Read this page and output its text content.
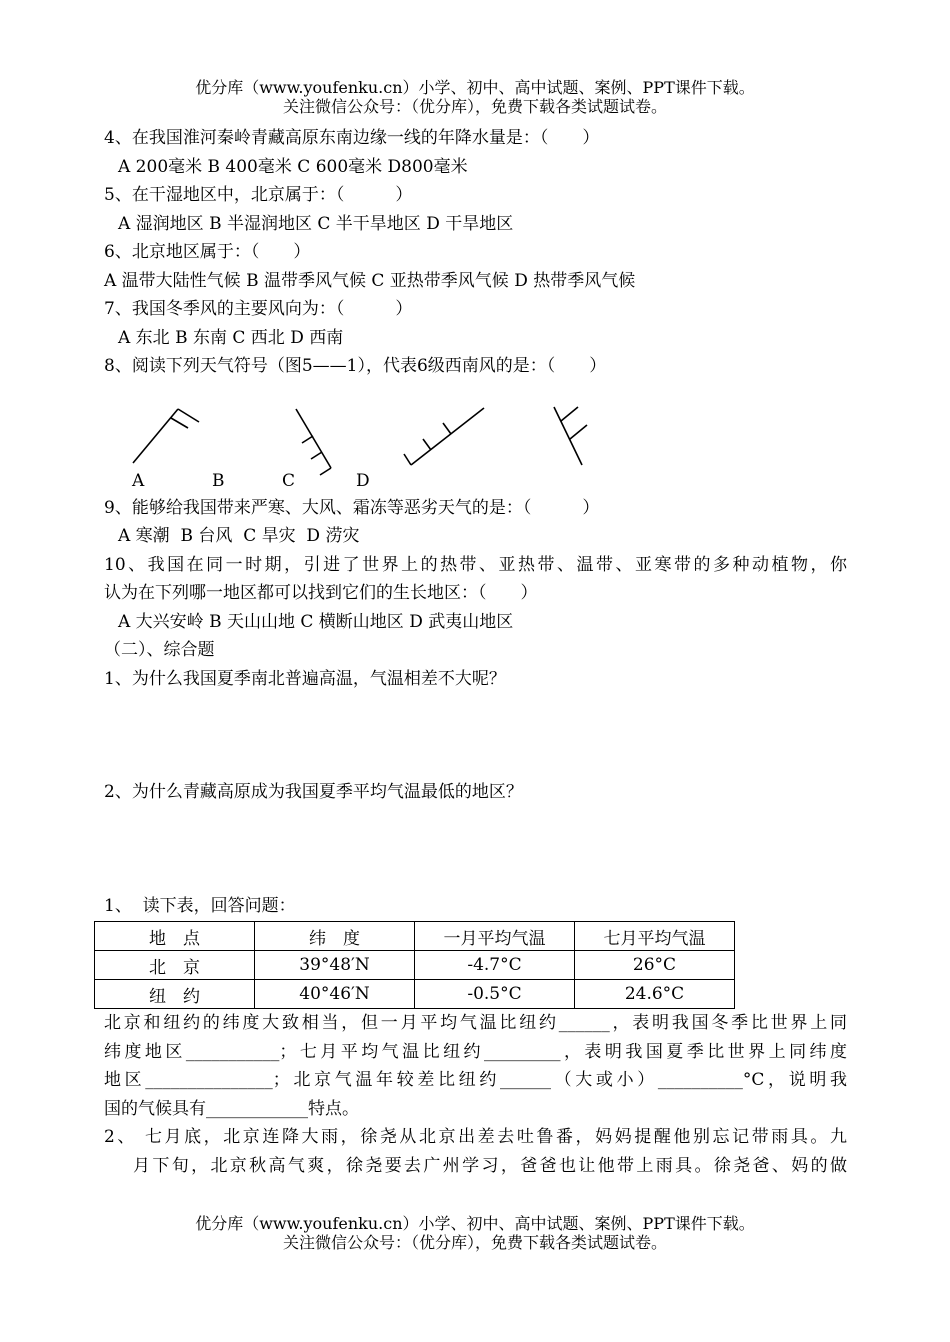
优分库（www.youfenku.cn）小学、初中、高中试题、案例、PPT课件下载。
关注微信公众号：（优分库），免费下载各类试题试卷。
4、在我国淮河秦岭青藏高原东南边缘一线的年降水量是：（　　）
A 200毫米 B 400毫米 C 600毫米 D800毫米
5、在干湿地区中，北京属于：（　　　）
A 湿润地区 B 半湿润地区 C 半干旱地区 D 干旱地区
6、北京地区属于：（　　）
A 温带大陆性气候 B 温带季风气候 C 亚热带季风气候 D 热带季风气候
7、我国冬季风的主要风向为：（　　　）
A 东北 B 东南 C 西北 D 西南
8、阅读下列天气符号（图5——1），代表6级西南风的是：（　　）
A	B	C	D
9、能够给我国带来严寒、大风、霜冻等恶劣天气的是：（　　　）
A 寒潮  B 台风  C 旱灾  D 涝灾
10、我国在同一时期，引进了世界上的热带、亚热带、温带、亚寒带的多种动植物，你
认为在下列哪一地区都可以找到它们的生长地区：（　　）
A 大兴安岭 B 天山山地 C 横断山地区 D 武夷山地区
（二）、综合题
1、为什么我国夏季南北普遍高温，气温相差不大呢？
2、为什么青藏高原成为我国夏季平均气温最低的地区？
1、  读下表，回答问题：
地　点	纬　度	一月平均气温	七月平均气温
北　京	39°48′N	-4.7°C	26°C
纽　约	40°46′N	-0.5°C	24.6°C
北京和纽约的纬度大致相当，但一月平均气温比纽约______，表明我国冬季比世界上同
纬度地区___________；七月平均气温比纽约_________，表明我国夏季比世界上同纬度
地区_______________；北京气温年较差比纽约______（大或小）__________°C，说明我
国的气候具有____________特点。
2、 七月底，北京连降大雨，徐尧从北京出差去吐鲁番，妈妈提醒他别忘记带雨具。九
月下旬，北京秋高气爽，徐尧要去广州学习，爸爸也让他带上雨具。徐尧爸、妈的做
优分库（www.youfenku.cn）小学、初中、高中试题、案例、PPT课件下载。
关注微信公众号：（优分库），免费下载各类试题试卷。
